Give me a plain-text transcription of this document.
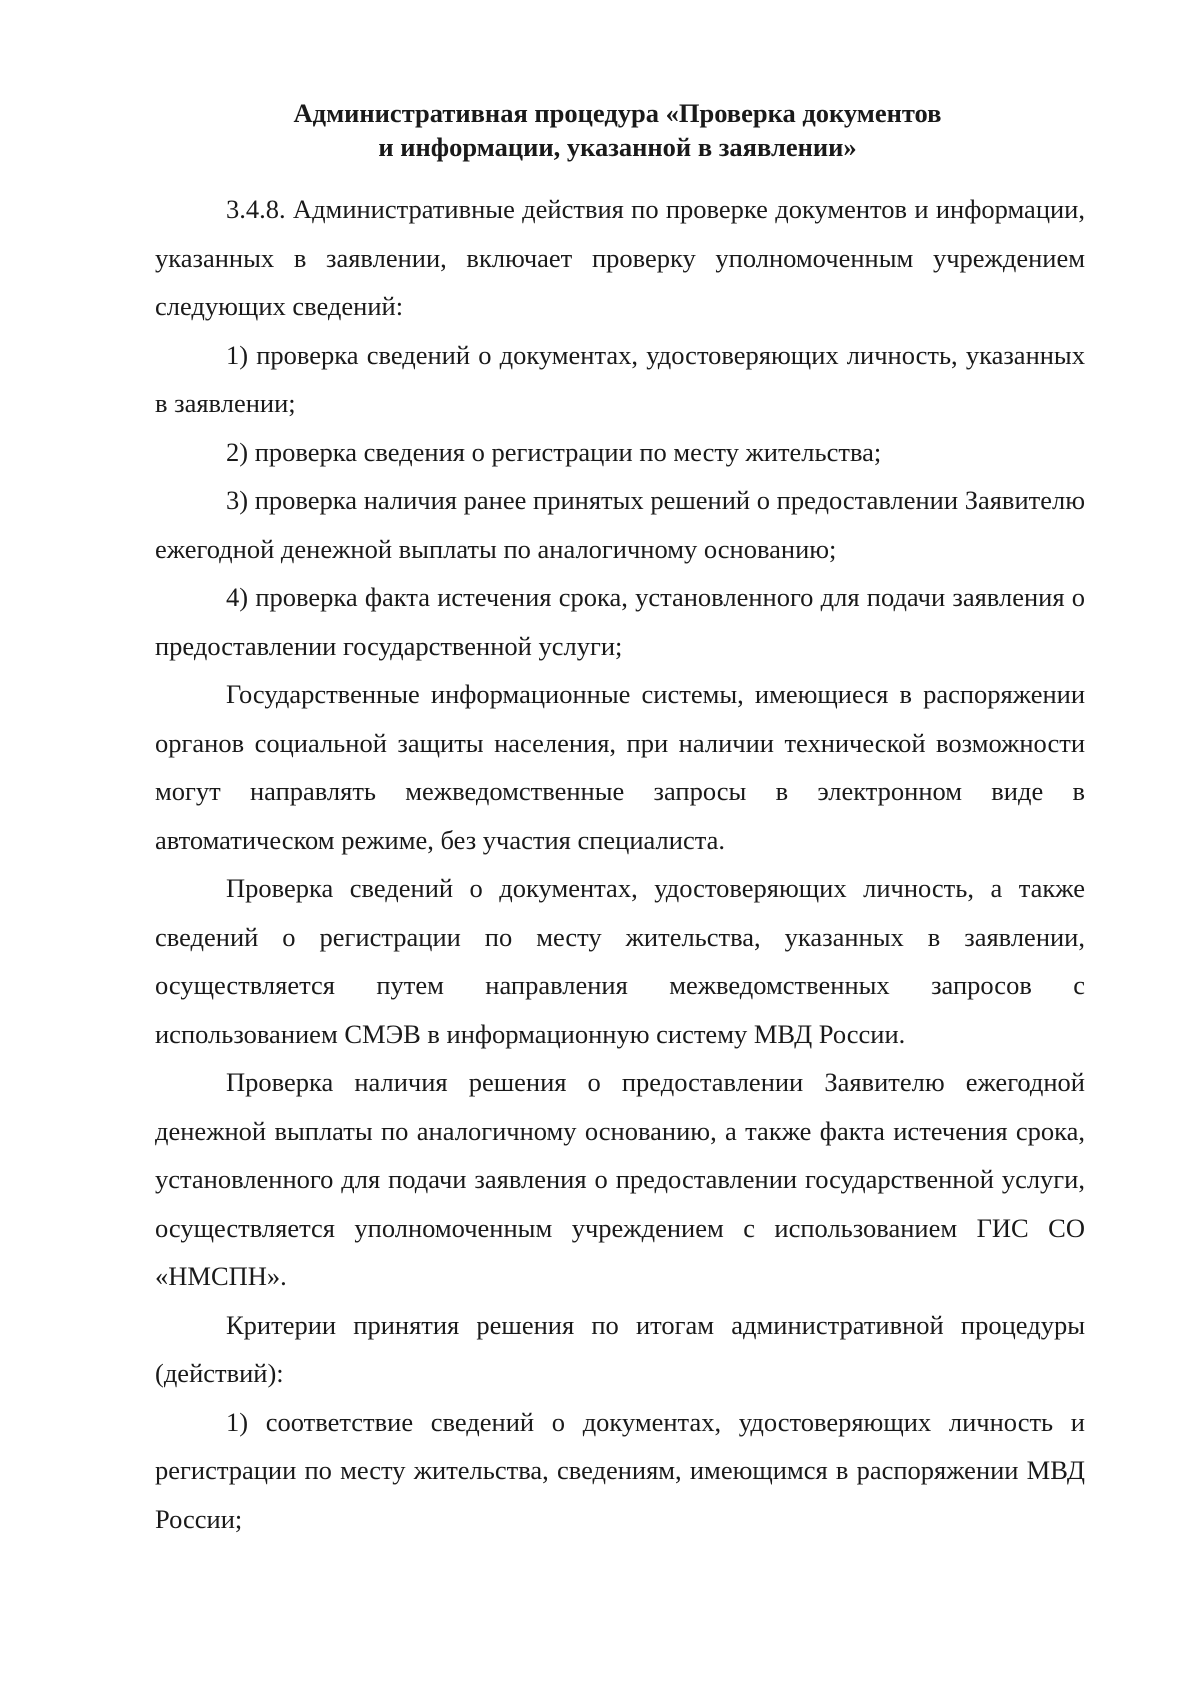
Административная процедура «Проверка документов
и информации, указанной в заявлении»

3.4.8. Административные действия по проверке документов и информации, указанных в заявлении, включает проверку уполномоченным учреждением следующих сведений:

1) проверка сведений о документах, удостоверяющих личность, указанных в заявлении;

2) проверка сведения о регистрации по месту жительства;

3) проверка наличия ранее принятых решений о предоставлении Заявителю ежегодной денежной выплаты по аналогичному основанию;

4) проверка факта истечения срока, установленного для подачи заявления о предоставлении государственной услуги;

Государственные информационные системы, имеющиеся в распоряжении органов социальной защиты населения, при наличии технической возможности могут направлять межведомственные запросы в электронном виде в автоматическом режиме, без участия специалиста.

Проверка сведений о документах, удостоверяющих личность, а также сведений о регистрации по месту жительства, указанных в заявлении, осуществляется путем направления межведомственных запросов с использованием СМЭВ в информационную систему МВД России.

Проверка наличия решения о предоставлении Заявителю ежегодной денежной выплаты по аналогичному основанию, а также факта истечения срока, установленного для подачи заявления о предоставлении государственной услуги, осуществляется уполномоченным учреждением с использованием ГИС СО «НМСПН».

Критерии принятия решения по итогам административной процедуры (действий):

1) соответствие сведений о документах, удостоверяющих личность и регистрации по месту жительства, сведениям, имеющимся в распоряжении МВД России;
